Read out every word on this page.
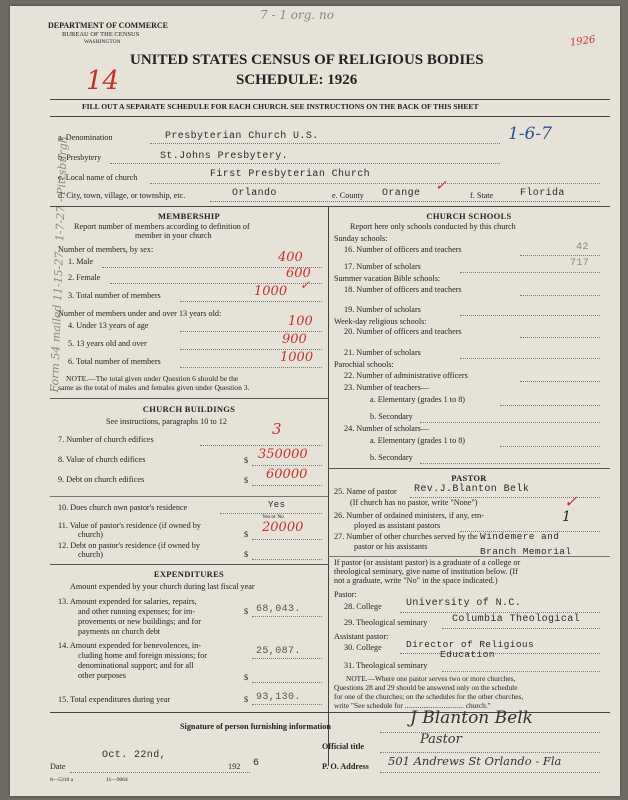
DEPARTMENT OF COMMERCE
BUREAU OF THE CENSUS
WASHINGTON
UNITED STATES CENSUS OF RELIGIOUS BODIES
SCHEDULE: 1926
FILL OUT A SEPARATE SCHEDULE FOR EACH CHURCH. SEE INSTRUCTIONS ON THE BACK OF THIS SHEET
7 - 1 org. no
1926
14
1-6-7
Form 54 mailed 11-15-27 · 1-7-27 - Pittsburgh
a. Denomination	Presbyterian Church U.S.
b. Presbytery	St.Johns Presbytery.
c. Local name of church	First Presbyterian Church
d. City, town, village, or township, etc.	Orlando	e. County Orange ✓
f. State	Florida
MEMBERSHIP
Report number of members according to definition of
member in your church
Number of members, by sex:
1. Male	400
2. Female	600
3. Total number of members	1000
Number of members under and over 13 years old:
4. Under 13 years of age	100
5. 13 years old and over	900
6. Total number of members	1000
NOTE.—The total given under Question 6 should be the
same as the total of males and females given under Question 3.
CHURCH BUILDINGS
See instructions, paragraphs 10 to 12
7. Number of church edifices
3
8. Value of church edifices	$ 350000
9. Debt on church edifices	$ 60000
10. Does church own pastor's residence	Yes
Yes or No
11. Value of pastor's residence (if owned by
church)	$ 20000
12. Debt on pastor's residence (if owned by
church)	$
EXPENDITURES
Amount expended by your church during last fiscal year
13. Amount expended for salaries, repairs,
and other running expenses; for im-
provements or new buildings; and for
payments on church debt
$ 68,043.
14. Amount expended for benevolences, in-
cluding home and foreign missions; for
denominational support; and for all
other purposes
25,087.
$
15. Total expenditures during year	$ 93,130.
CHURCH SCHOOLS
Report here only schools conducted by this church
Sunday schools:
16. Number of officers and teachers	42
17. Number of scholars	717
Summer vacation Bible schools:
18. Number of officers and teachers
19. Number of scholars
Week-day religious schools:
20. Number of officers and teachers
21. Number of scholars
Parochial schools:
22. Number of administrative officers
23. Number of teachers—
a. Elementary (grades 1 to 8)
b. Secondary
24. Number of scholars—
a. Elementary (grades 1 to 8)
b. Secondary
PASTOR
25. Name of pastor Rev.J.Blanton Belk
(If church has no pastor, write "None")
26. Number of ordained ministers, if any, em-
ployed as assistant pastors
1
27. Number of other churches served by the
pastor or his assistants
Windemere and
Branch Memorial
If pastor (or assistant pastor) is a graduate of a college or
theological seminary, give name of institution below. (If
not a graduate, write "No" in the space indicated.)
Pastor:
28. College University of N.C.
29. Theological seminary Columbia Theological
Assistant pastor:
30. College	Director of Religious
Education
31. Theological seminary
NOTE.—Where one pastor serves two or more churches,
Questions 28 and 29 should be answered only on the schedule
for one of the churches; on the schedules for the other churches,
write "See schedule for ................................ church."
Signature of person furnishing information	J Blanton Belk
Official title	Pastor
Date
Oct. 22nd,
192 6	P. O. Address 501 Andrews St Orlando - Fla
8—5318 a	11—9064
✓
✓
